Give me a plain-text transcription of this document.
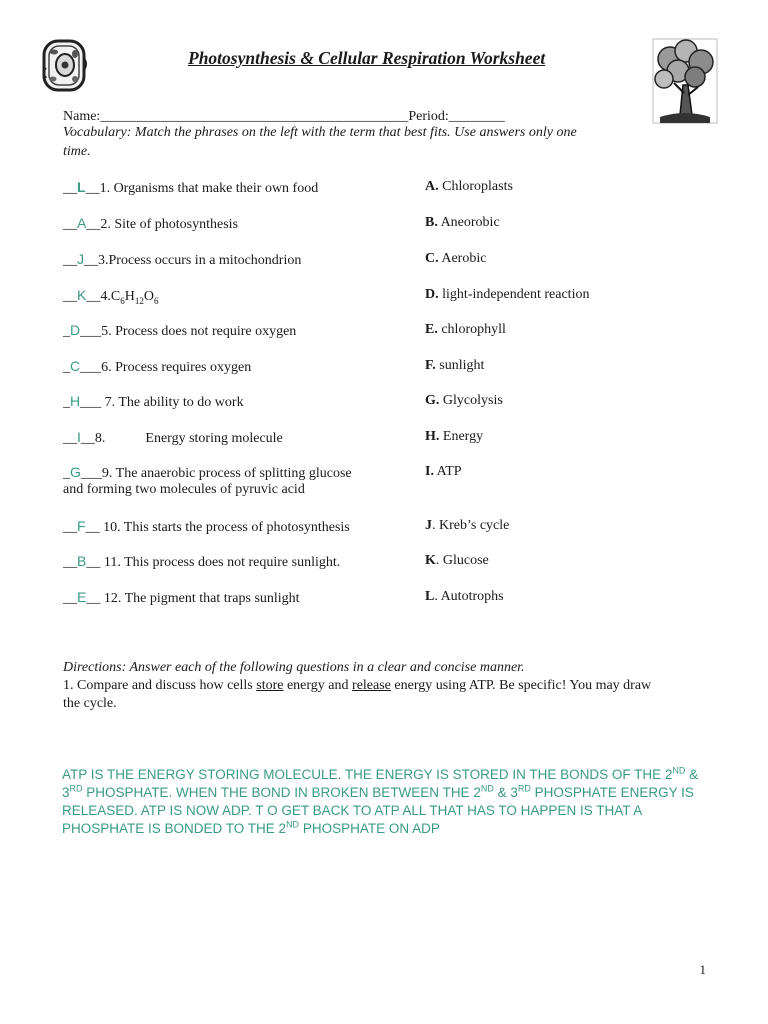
Photosynthesis & Cellular Respiration Worksheet
Name:____________________________________________Period:________
Vocabulary: Match the phrases on the left with the term that best fits. Use answers only one
time.
__L__1. Organisms that make their own food
__A__2. Site of photosynthesis
__J__3.Process occurs in a mitochondrion
$\_\_K\_\_4.C_6H_{12}O_6$
_D___5. Process does not require oxygen
_C___6. Process requires oxygen
_H___ 7. The ability to do work
__I__8.	Energy storing molecule
_G___9. The anaerobic process of splitting glucose
and forming two molecules of pyruvic acid
__F__ 10. This starts the process of photosynthesis
__B__ 11. This process does not require sunlight.
__E__ 12. The pigment that traps sunlight
A. Chloroplasts
B. Aneorobic
C. Aerobic
D. light-independent reaction
E. chlorophyll
F. sunlight
G. Glycolysis
H. Energy
I. ATP
J. Kreb’s cycle
K. Glucose
L. Autotrophs
Directions: Answer each of the following questions in a clear and concise manner.
1. Compare and discuss how cells store energy and release energy using ATP. Be specific! You may draw
the cycle.
ATP IS THE ENERGY STORING MOLECULE. THE ENERGY IS STORED IN THE BONDS OF THE 2ND & 3RD PHOSPHATE. WHEN THE BOND IN BROKEN BETWEEN THE 2ND & 3RD PHOSPHATE ENERGY IS RELEASED. ATP IS NOW ADP. T O GET BACK TO ATP ALL THAT HAS TO HAPPEN IS THAT A PHOSPHATE IS BONDED TO THE 2ND PHOSPHATE ON ADP
1
